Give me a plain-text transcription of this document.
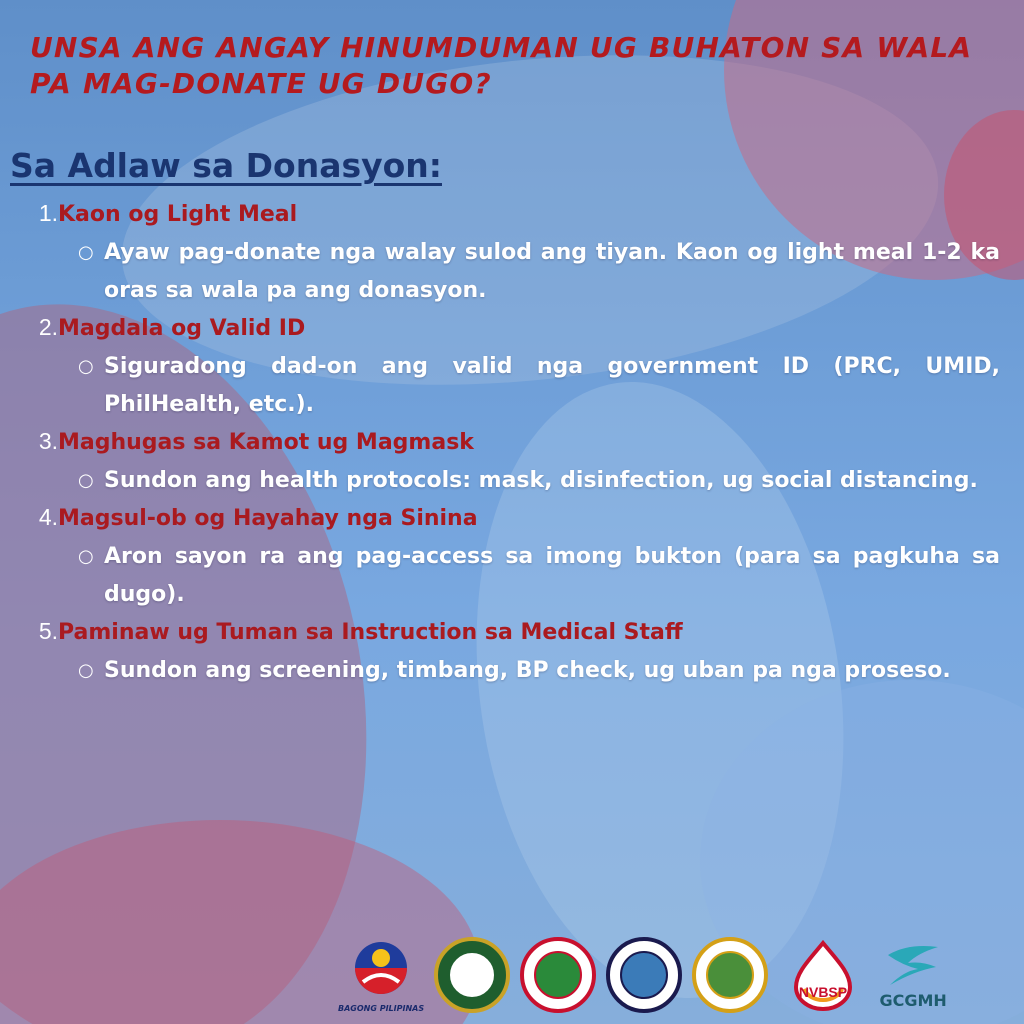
UNSA ANG ANGAY HINUMDUMAN UG BUHATON SA WALA PA MAG-DONATE UG DUGO?
Sa Adlaw sa Donasyon:
1. Kaon og Light Meal
○ Ayaw pag-donate nga walay sulod ang tiyan. Kaon og light meal 1-2 ka oras sa wala pa ang donasyon.
2. Magdala og Valid ID
○ Siguradong dad-on ang valid nga government ID (PRC, UMID, PhilHealth, etc.).
3. Maghugas sa Kamot ug Magmask
○ Sundon ang health protocols: mask, disinfection, ug social distancing.
4. Magsul-ob og Hayahay nga Sinina
○ Aron sayon ra ang pag-access sa imong bukton (para sa pagkuha sa dugo).
5. Paminaw ug Tuman sa Instruction sa Medical Staff
○ Sundon ang screening, timbang, BP check, ug uban pa nga proseso.
BAGONG PILIPINAS
NVBSP GCGMH
